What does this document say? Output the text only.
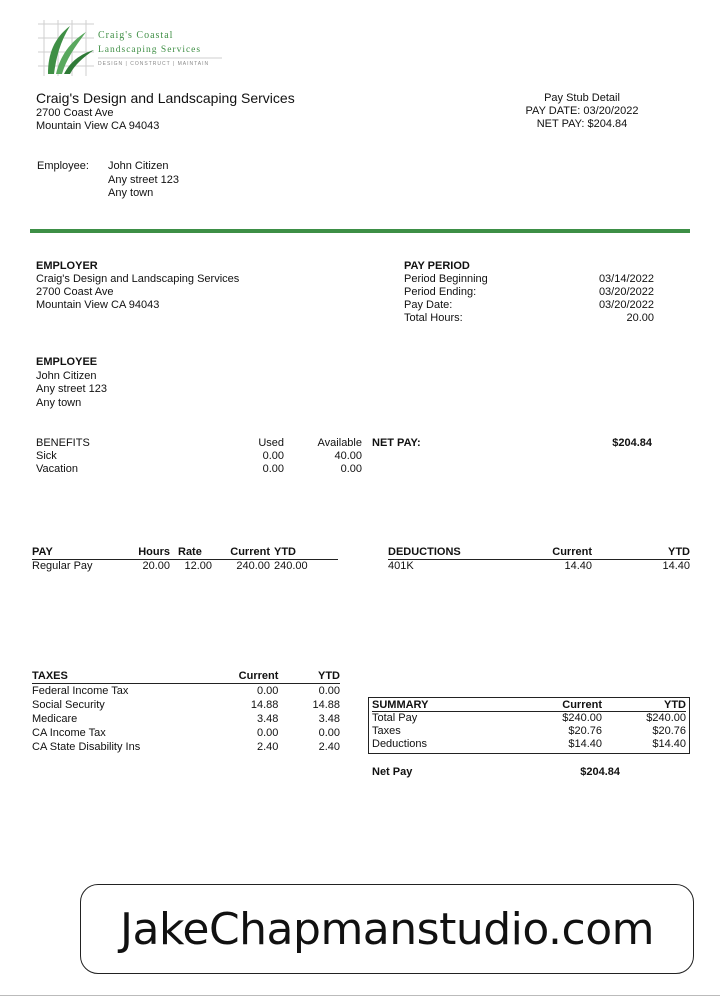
Craig's Coastal
Landscaping Services
DESIGN | CONSTRUCT | MAINTAIN
Craig's Design and Landscaping Services
2700 Coast Ave
Mountain View CA 94043
Pay Stub Detail
PAY DATE: 03/20/2022
NET PAY: $204.84
Employee: John Citizen
Any street 123
Any town
EMPLOYER
Craig's Design and Landscaping Services
2700 Coast Ave
Mountain View CA 94043
PAY PERIOD
Period Beginning	03/14/2022
Period Ending:	03/20/2022
Pay Date:	03/20/2022
Total Hours:	20.00
EMPLOYEE
John Citizen
Any street 123
Any town
BENEFITS	Used	Available
Sick	0.00	40.00
Vacation	0.00	0.00
NET PAY:	$204.84
PAY	Hours	Rate	Current	YTD
Regular Pay	20.00	12.00	240.00	240.00
DEDUCTIONS	Current	YTD
401K	14.40	14.40
TAXES	Current	YTD
Federal Income Tax	0.00	0.00
Social Security	14.88	14.88
Medicare	3.48	3.48
CA Income Tax	0.00	0.00
CA State Disability Ins	2.40	2.40
SUMMARY	Current	YTD
Total Pay	$240.00	$240.00
Taxes	$20.76	$20.76
Deductions	$14.40	$14.40
Net Pay	$204.84
JakeChapmanstudio.com
